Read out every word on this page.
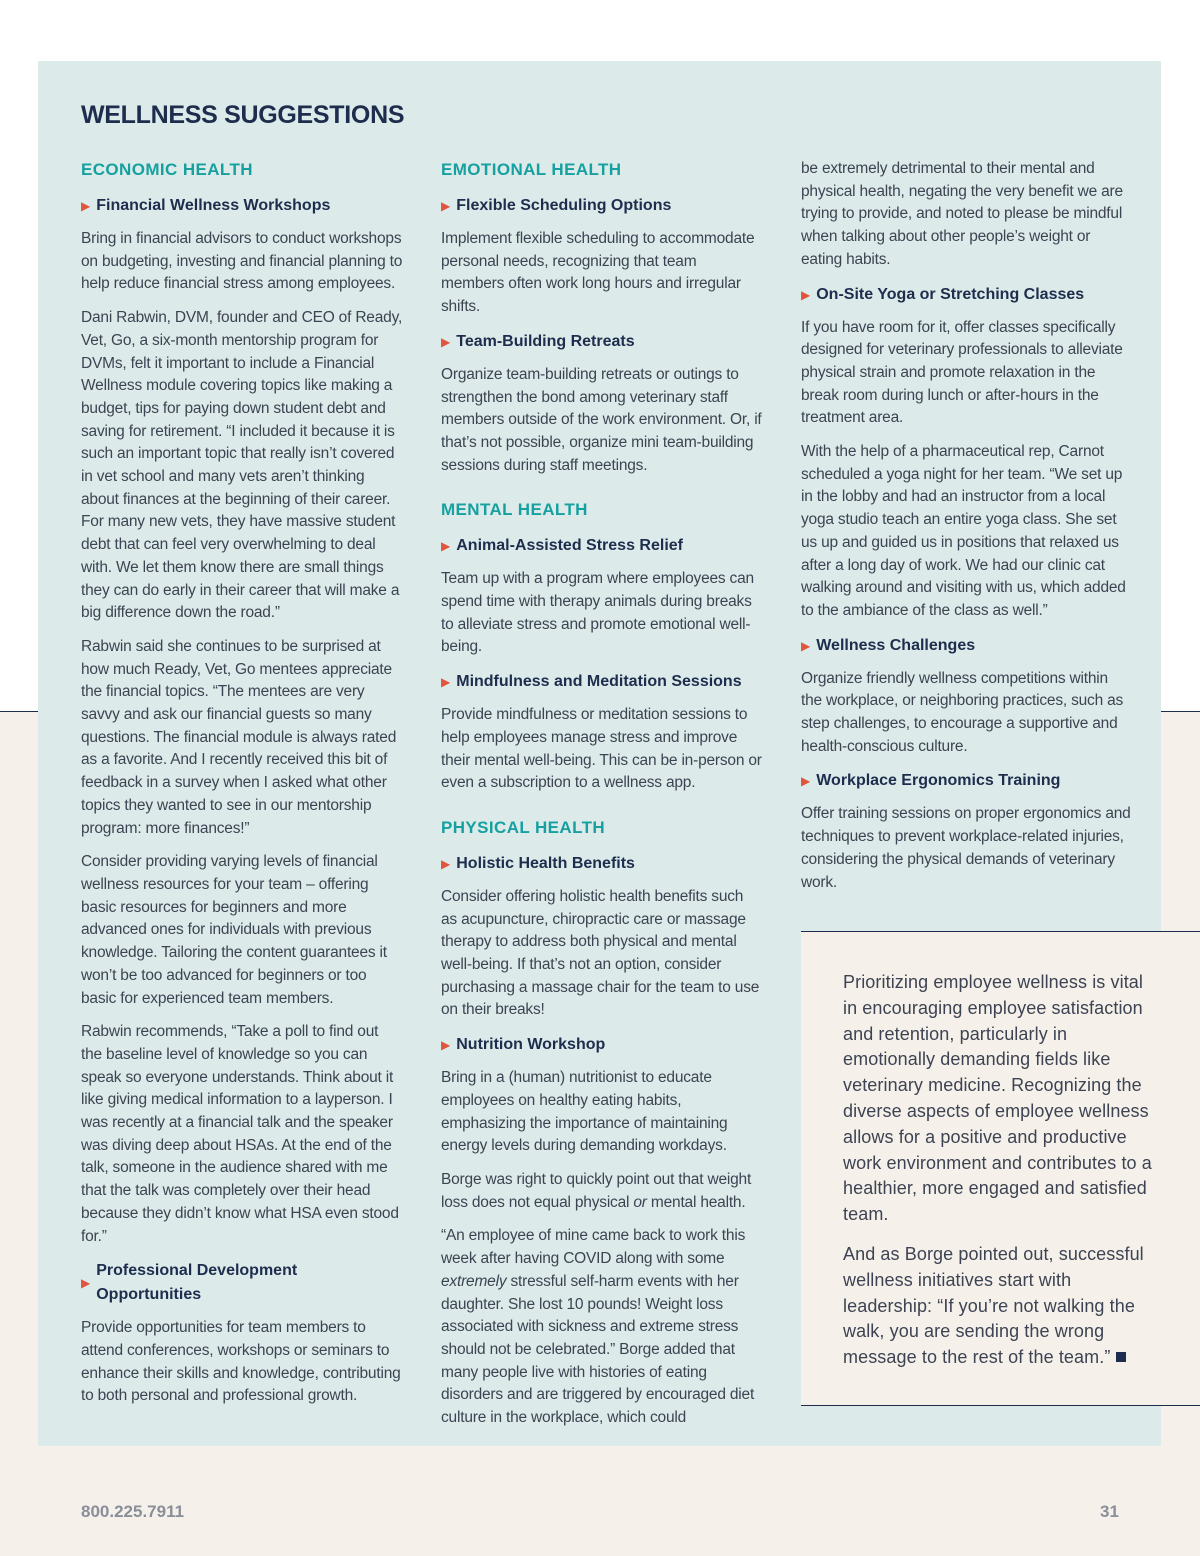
WELLNESS SUGGESTIONS
ECONOMIC HEALTH
▶ Financial Wellness Workshops

Bring in financial advisors to conduct workshops on budgeting, investing and financial planning to help reduce financial stress among employees.

Dani Rabwin, DVM, founder and CEO of Ready, Vet, Go, a six-month mentorship program for DVMs, felt it important to include a Financial Wellness module covering topics like making a budget, tips for paying down student debt and saving for retirement. “I included it because it is such an important topic that really isn’t covered in vet school and many vets aren’t thinking about finances at the beginning of their career. For many new vets, they have massive student debt that can feel very overwhelming to deal with. We let them know there are small things they can do early in their career that will make a big difference down the road.”

Rabwin said she continues to be surprised at how much Ready, Vet, Go mentees appreciate the financial topics. “The mentees are very savvy and ask our financial guests so many questions. The financial module is always rated as a favorite. And I recently received this bit of feedback in a survey when I asked what other topics they wanted to see in our mentorship program: more finances!”

Consider providing varying levels of financial wellness resources for your team – offering basic resources for beginners and more advanced ones for individuals with previous knowledge. Tailoring the content guarantees it won’t be too advanced for beginners or too basic for experienced team members.

Rabwin recommends, “Take a poll to find out the baseline level of knowledge so you can speak so everyone understands. Think about it like giving medical information to a layperson. I was recently at a financial talk and the speaker was diving deep about HSAs. At the end of the talk, someone in the audience shared with me that the talk was completely over their head because they didn’t know what HSA even stood for.”

▶
Professional Development Opportunities

Provide opportunities for team members to attend conferences, workshops or seminars to enhance their skills and knowledge, contributing to both personal and professional growth.

EMOTIONAL HEALTH
▶ Flexible Scheduling Options

Implement flexible scheduling to accommodate personal needs, recognizing that team members often work long hours and irregular shifts.

▶ Team-Building Retreats

Organize team-building retreats or outings to strengthen the bond among veterinary staff members outside of the work environment. Or, if that’s not possible, organize mini team-building sessions during staff meetings.

MENTAL HEALTH
▶ Animal-Assisted Stress Relief

Team up with a program where employees can spend time with therapy animals during breaks to alleviate stress and promote emotional well-being.

▶ Mindfulness and Meditation Sessions

Provide mindfulness or meditation sessions to help employees manage stress and improve their mental well-being. This can be in-person or even a subscription to a wellness app.

PHYSICAL HEALTH
▶ Holistic Health Benefits

Consider offering holistic health benefits such as acupuncture, chiropractic care or massage therapy to address both physical and mental well-being. If that’s not an option, consider purchasing a massage chair for the team to use on their breaks!

▶ Nutrition Workshop

Bring in a (human) nutritionist to educate employees on healthy eating habits, emphasizing the importance of maintaining energy levels during demanding workdays.

Borge was right to quickly point out that weight loss does not equal physical or mental health.

“An employee of mine came back to work this week after having COVID along with some extremely stressful self-harm events with her daughter. She lost 10 pounds! Weight loss associated with sickness and extreme stress should not be celebrated.” Borge added that many people live with histories of eating disorders and are triggered by encouraged diet culture in the workplace, which could

be extremely detrimental to their mental and physical health, negating the very benefit we are trying to provide, and noted to please be mindful when talking about other people’s weight or eating habits.

▶ On-Site Yoga or Stretching Classes

If you have room for it, offer classes specifically designed for veterinary professionals to alleviate physical strain and promote relaxation in the break room during lunch or after-hours in the treatment area.

With the help of a pharmaceutical rep, Carnot scheduled a yoga night for her team. “We set up in the lobby and had an instructor from a local yoga studio teach an entire yoga class. She set us up and guided us in positions that relaxed us after a long day of work. We had our clinic cat walking around and visiting with us, which added to the ambiance of the class as well.”

▶ Wellness Challenges

Organize friendly wellness competitions within the workplace, or neighboring practices, such as step challenges, to encourage a supportive and health-conscious culture.

▶ Workplace Ergonomics Training

Offer training sessions on proper ergonomics and techniques to prevent workplace-related injuries, considering the physical demands of veterinary work.

Prioritizing employee wellness is vital in encouraging employee satisfaction and retention, particularly in emotionally demanding fields like veterinary medicine. Recognizing the diverse aspects of employee wellness allows for a positive and productive work environment and contributes to a healthier, more engaged and satisfied team.

And as Borge pointed out, successful wellness initiatives start with leadership: “If you’re not walking the walk, you are sending the wrong message to the rest of the team.”

800.225.7911	31
